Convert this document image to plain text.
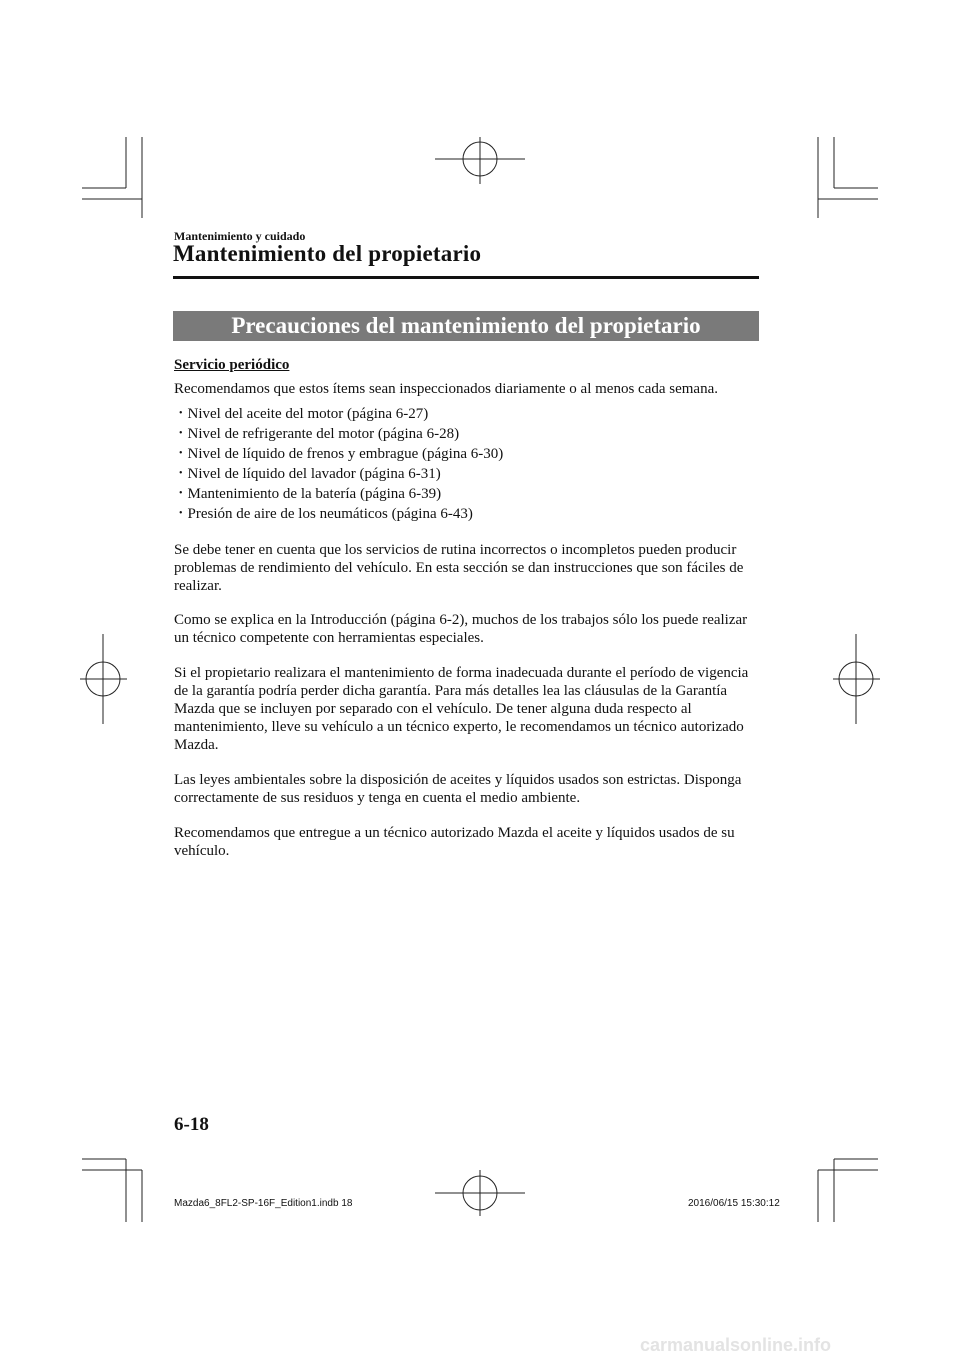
Mantenimiento y cuidado
Mantenimiento del propietario
Precauciones del mantenimiento del propietario
Servicio periódico

Recomendamos que estos ítems sean inspeccionados diariamente o al menos cada semana.

• Nivel del aceite del motor (página 6-27)
• Nivel de refrigerante del motor (página 6-28)
• Nivel de líquido de frenos y embrague (página 6-30)
• Nivel de líquido del lavador (página 6-31)
• Mantenimiento de la batería (página 6-39)
• Presión de aire de los neumáticos (página 6-43)

Se debe tener en cuenta que los servicios de rutina incorrectos o incompletos pueden producir problemas de rendimiento del vehículo. En esta sección se dan instrucciones que son fáciles de realizar.

Como se explica en la Introducción (página 6-2), muchos de los trabajos sólo los puede realizar un técnico competente con herramientas especiales.

Si el propietario realizara el mantenimiento de forma inadecuada durante el período de vigencia de la garantía podría perder dicha garantía. Para más detalles lea las cláusulas de la Garantía Mazda que se incluyen por separado con el vehículo. De tener alguna duda respecto al mantenimiento, lleve su vehículo a un técnico experto, le recomendamos un técnico autorizado Mazda.

Las leyes ambientales sobre la disposición de aceites y líquidos usados son estrictas. Disponga correctamente de sus residuos y tenga en cuenta el medio ambiente.

Recomendamos que entregue a un técnico autorizado Mazda el aceite y líquidos usados de su vehículo.

6-18
Mazda6_8FL2-SP-16F_Edition1.indb 18	2016/06/15 15:30:12
carmanualsonline.info
